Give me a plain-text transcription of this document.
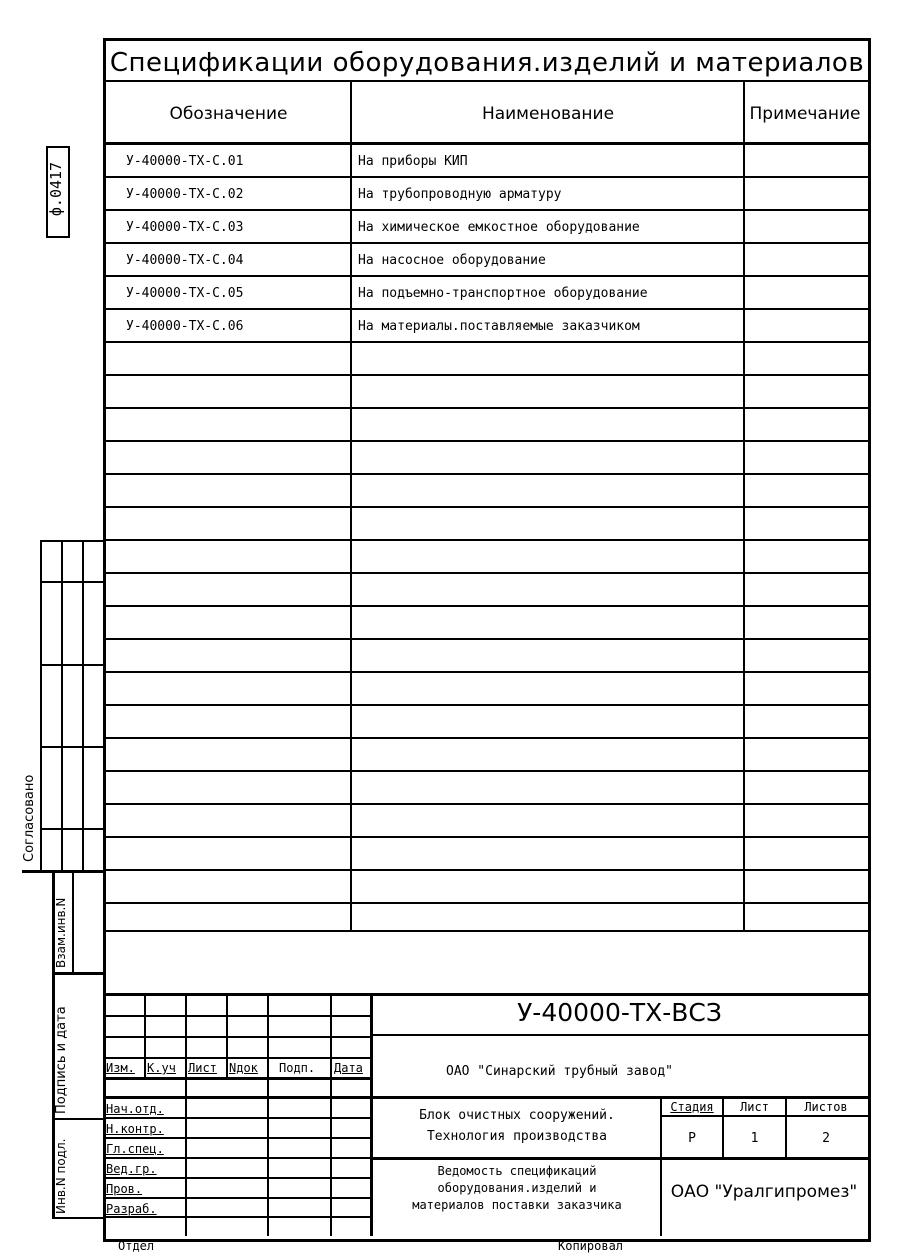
Спецификации оборудования.изделий и материалов
Обозначение	Наименование	Примечание
У-40000-ТХ-С.01	На приборы КИП
У-40000-ТХ-С.02	На трубопроводную арматуру
У-40000-ТХ-С.03	На химическое емкостное оборудование
У-40000-ТХ-С.04	На насосное оборудование
У-40000-ТХ-С.05	На подъемно-транспортное оборудование
У-40000-ТХ-С.06	На материалы.поставляемые заказчиком
Изм. К.уч Лист Nдок Подп. Дата
Нач.отд.
Н.контр.
Гл.спец.
Вед.гр.
Пров.
Разраб.
У-40000-ТХ-ВСЗ
ОАО "Синарский трубный завод"
Блок очистных сооружений.
Технология производства
Стадия	Лист	Листов
Р	1	2
Ведомость спецификаций
оборудования.изделий и
материалов поставки заказчика
ОАО "Уралгипромез"
Отдел	Копировал
ф.0417
Согласовано
Взам.инв.N
Подпись и дата
Инв.N подл.
